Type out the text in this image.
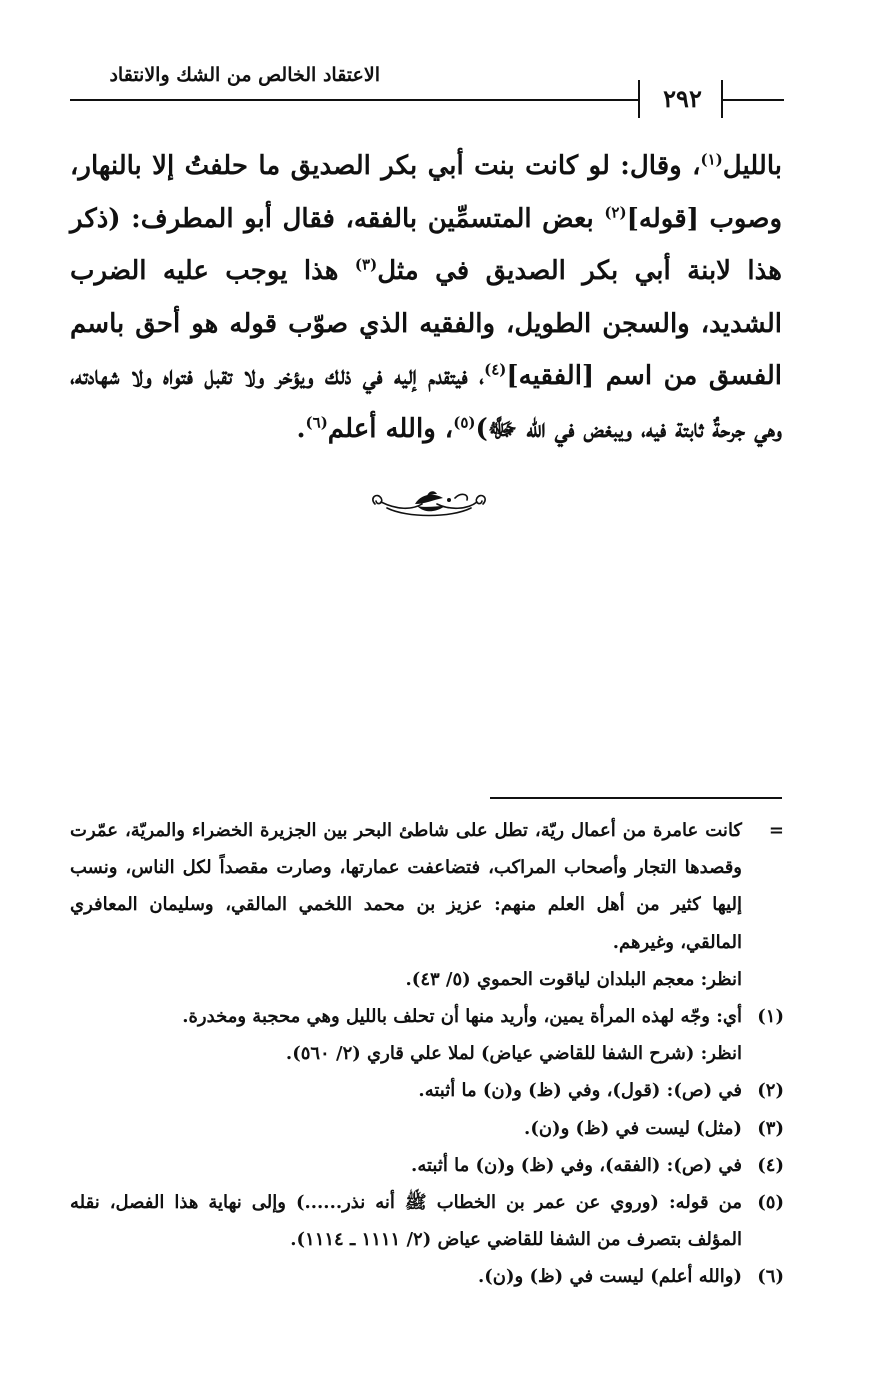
الاعتقاد الخالص من الشك والانتقاد
٢٩٢
بالليل$^{(١)}$، وقال: لو كانت بنت أبي بكر الصديق ما حلفتُ إلا بالنهار، وصوب [قوله]$^{(٢)}$ بعض المتسمِّين بالفقه، فقال أبو المطرف: (ذكر هذا لابنة أبي بكر الصديق في مثل$^{(٣)}$ هذا يوجب عليه الضرب الشديد، والسجن الطويل، والفقيه الذي صوّب قوله هو أحق باسم الفسق من اسم [الفقيه]$^{(٤)}$، فيتقدم إليه في ذلك ويؤخر ولا تقبل فتواه ولا شهادته، وهي جرحةٌ ثابتة فيه، ويبغض في الله ﷻ)$^{(٥)}$، والله أعلم$^{(٦)}$.
=
كانت عامرة من أعمال ريّة، تطل على شاطئ البحر بين الجزيرة الخضراء والمريّة، عمّرت وقصدها التجار وأصحاب المراكب، فتضاعفت عمارتها، وصارت مقصداً لكل الناس، ونسب إليها كثير من أهل العلم منهم: عزيز بن محمد اللخمي المالقي، وسليمان المعافري المالقي، وغيرهم.
انظر: معجم البلدان لياقوت الحموي (٥/ ٤٣).
(١)
أي: وجّه لهذه المرأة يمين، وأريد منها أن تحلف بالليل وهي محجبة ومخدرة.
انظر: (شرح الشفا للقاضي عياض) لملا علي قاري (٢/ ٥٦٠).
(٢)
في (ص): (قول)، وفي (ظ) و(ن) ما أثبته.
(٣)
(مثل) ليست في (ظ) و(ن).
(٤)
في (ص): (الفقه)، وفي (ظ) و(ن) ما أثبته.
(٥)
من قوله: (وروي عن عمر بن الخطاب ﷺ أنه نذر......) وإلى نهاية هذا الفصل، نقله المؤلف بتصرف من الشفا للقاضي عياض (٢/ ١١١١ ـ ١١١٤).
(٦)
(والله أعلم) ليست في (ظ) و(ن).
